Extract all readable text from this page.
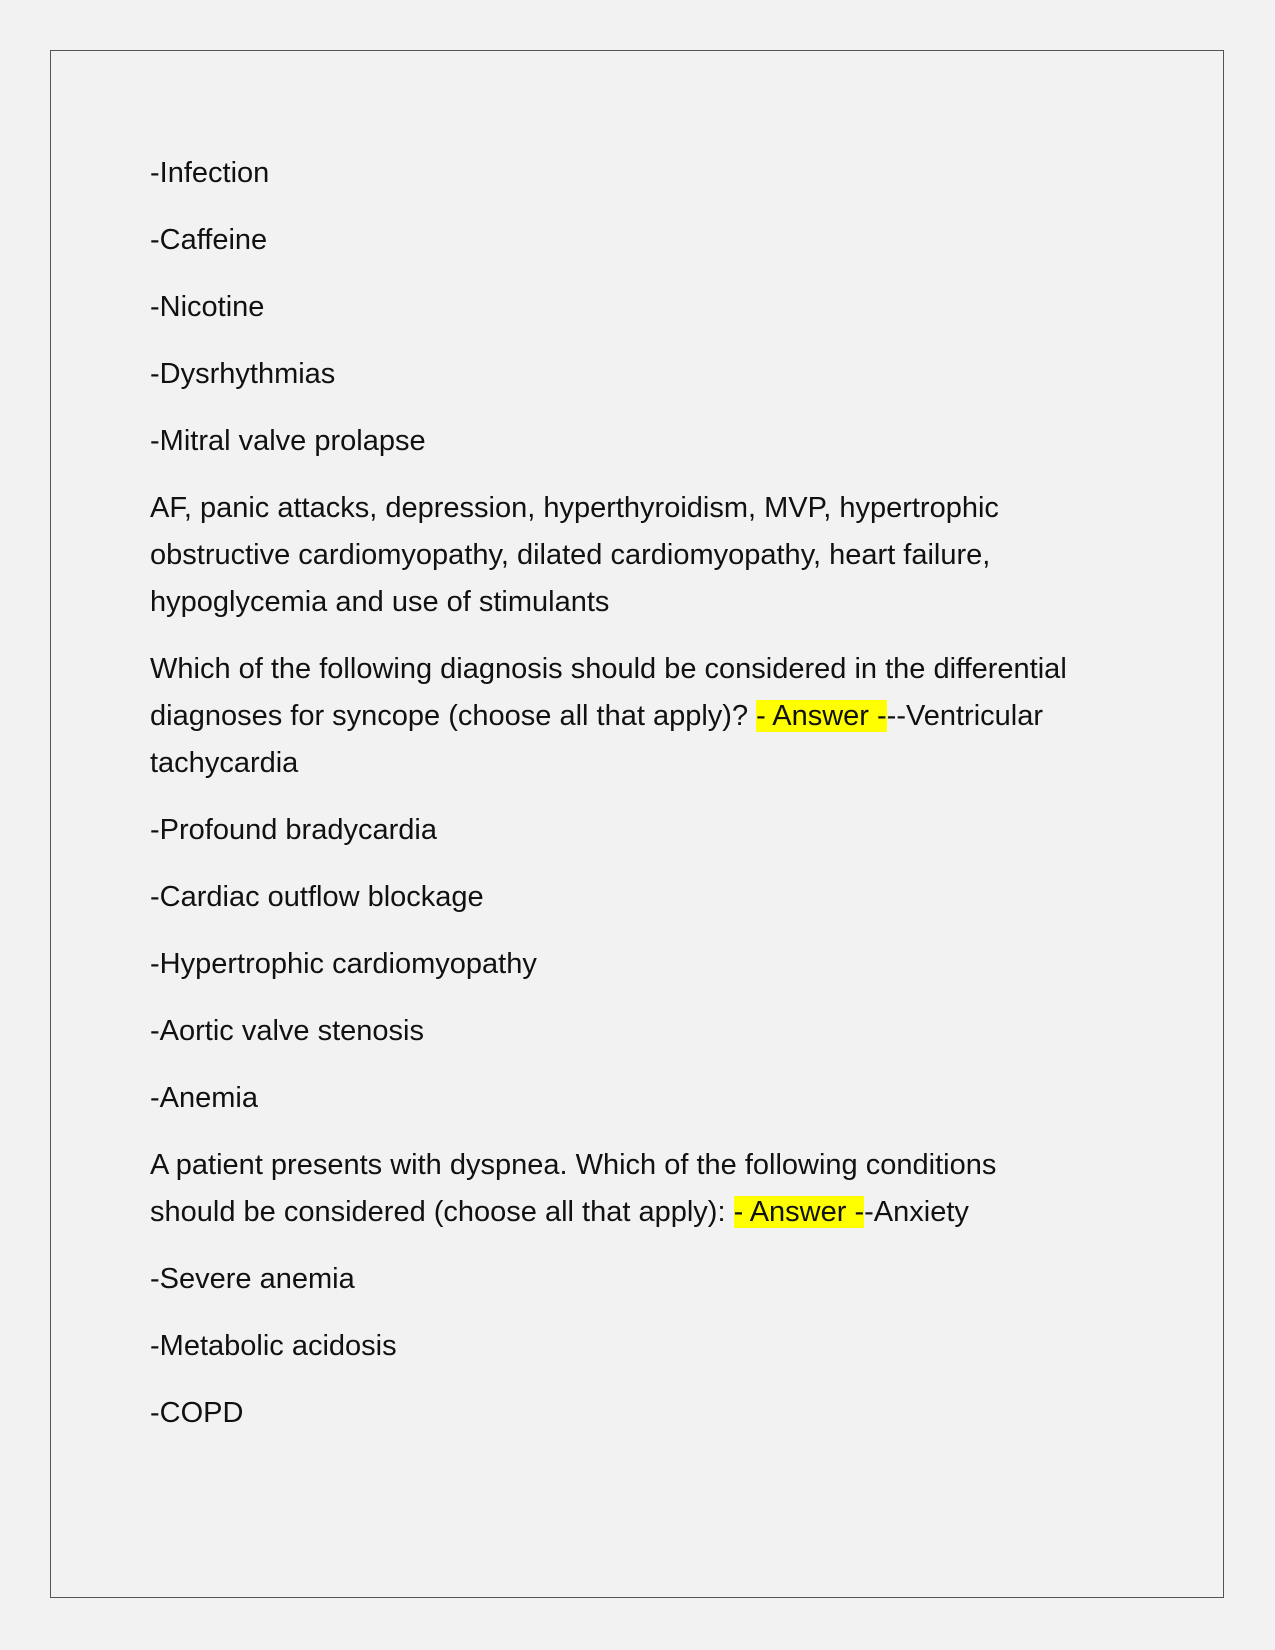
-Infection

-Caffeine

-Nicotine

-Dysrhythmias

-Mitral valve prolapse

AF, panic attacks, depression, hyperthyroidism, MVP, hypertrophic obstructive cardiomyopathy, dilated cardiomyopathy, heart failure, hypoglycemia and use of stimulants

Which of the following diagnosis should be considered in the differential diagnoses for syncope (choose all that apply)? - Answer ---Ventricular tachycardia

-Profound bradycardia

-Cardiac outflow blockage

-Hypertrophic cardiomyopathy

-Aortic valve stenosis

-Anemia

A patient presents with dyspnea. Which of the following conditions should be considered (choose all that apply): - Answer --Anxiety

-Severe anemia

-Metabolic acidosis

-COPD
